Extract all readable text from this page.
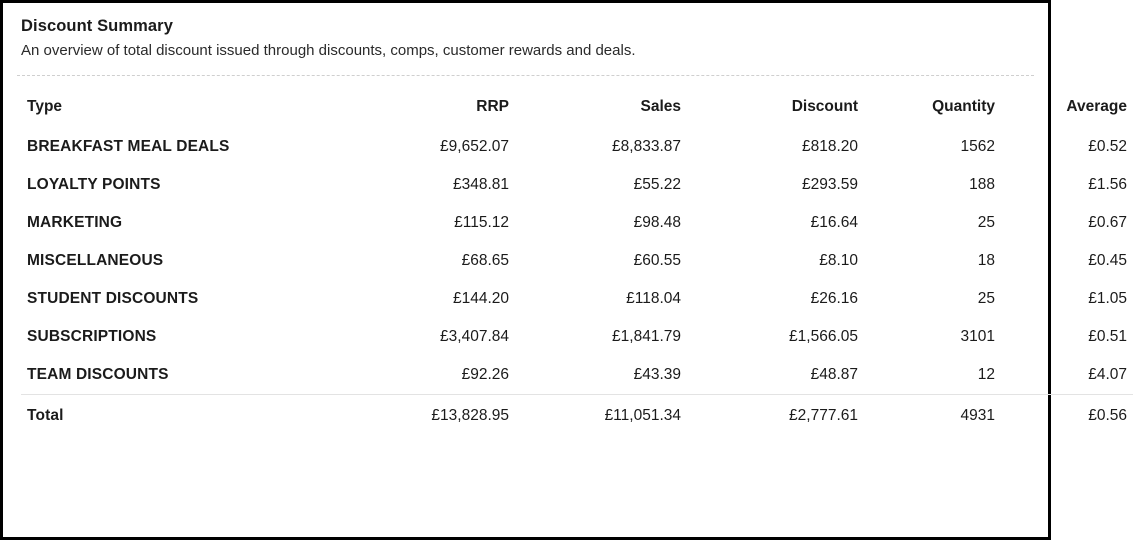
Discount Summary
An overview of total discount issued through discounts, comps, customer rewards and deals.
Type	RRP	Sales	Discount	Quantity	Average
BREAKFAST MEAL DEALS	£9,652.07	£8,833.87	£818.20	1562	£0.52
LOYALTY POINTS	£348.81	£55.22	£293.59	188	£1.56
MARKETING	£115.12	£98.48	£16.64	25	£0.67
MISCELLANEOUS	£68.65	£60.55	£8.10	18	£0.45
STUDENT DISCOUNTS	£144.20	£118.04	£26.16	25	£1.05
SUBSCRIPTIONS	£3,407.84	£1,841.79	£1,566.05	3101	£0.51
TEAM DISCOUNTS	£92.26	£43.39	£48.87	12	£4.07
Total	£13,828.95	£11,051.34	£2,777.61	4931	£0.56
